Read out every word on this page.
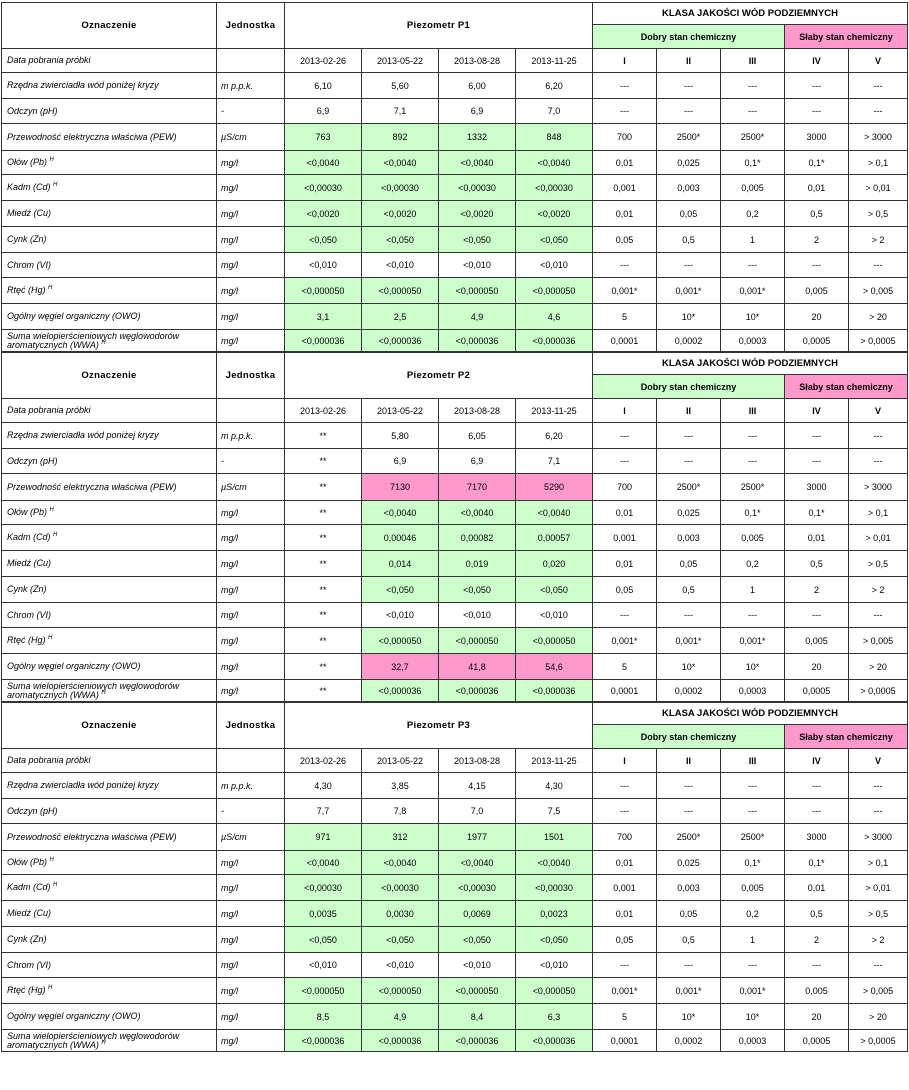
Oznaczenie	Jednostka	Piezometr P1				KLASA JAKOŚCI WÓD PODZIEMNYCH				
						Dobry stan chemiczny			Słaby stan chemiczny	
Data pobrania próbki		2013-02-26	2013-05-22	2013-08-28	2013-11-25	I	II	III	IV	V
Rzędna zwierciadła wód poniżej kryzy	m p.p.k.	6,10	5,60	6,00	6,20	---	---	---	---	---
Odczyn (pH)	-	6,9	7,1	6,9	7,0	---	---	---	---	---
Przewodność elektryczna właściwa (PEW)	µS/cm	763	892	1332	848	700	2500*	2500*	3000	> 3000
Ołów (Pb) $^H$	mg/l	<0,0040	<0,0040	<0,0040	<0,0040	0,01	0,025	0,1*	0,1*	> 0,1
Kadm (Cd) $^H$	mg/l	<0,00030	<0,00030	<0,00030	<0,00030	0,001	0,003	0,005	0,01	> 0,01
Miedź (Cu)	mg/l	<0,0020	<0,0020	<0,0020	<0,0020	0,01	0,05	0,2	0,5	> 0,5
Cynk (Zn)	mg/l	<0,050	<0,050	<0,050	<0,050	0,05	0,5	1	2	> 2
Chrom (VI)	mg/l	<0,010	<0,010	<0,010	<0,010	---	---	---	---	---
Rtęć (Hg) $^H$	mg/l	<0,000050	<0,000050	<0,000050	<0,000050	0,001*	0,001*	0,001*	0,005	> 0,005
Ogólny węgiel organiczny (OWO)	mg/l	3,1	2,5	4,9	4,6	5	10*	10*	20	> 20
Suma wielopierścieniowych węglowodorów aromatycznych (WWA) $^H$	mg/l	<0,000036	<0,000036	<0,000036	<0,000036	0,0001	0,0002	0,0003	0,0005	> 0,0005
Oznaczenie	Jednostka	Piezometr P2				KLASA JAKOŚCI WÓD PODZIEMNYCH				
						Dobry stan chemiczny			Słaby stan chemiczny	
Data pobrania próbki		2013-02-26	2013-05-22	2013-08-28	2013-11-25	I	II	III	IV	V
Rzędna zwierciadła wód poniżej kryzy	m p.p.k.	**	5,80	6,05	6,20	---	---	---	---	---
Odczyn (pH)	-	**	6,9	6,9	7,1	---	---	---	---	---
Przewodność elektryczna właściwa (PEW)	µS/cm	**	7130	7170	5290	700	2500*	2500*	3000	> 3000
Ołów (Pb) $^H$	mg/l	**	<0,0040	<0,0040	<0,0040	0,01	0,025	0,1*	0,1*	> 0,1
Kadm (Cd) $^H$	mg/l	**	0,00046	0,00082	0,00057	0,001	0,003	0,005	0,01	> 0,01
Miedź (Cu)	mg/l	**	0,014	0,019	0,020	0,01	0,05	0,2	0,5	> 0,5
Cynk (Zn)	mg/l	**	<0,050	<0,050	<0,050	0,05	0,5	1	2	> 2
Chrom (VI)	mg/l	**	<0,010	<0,010	<0,010	---	---	---	---	---
Rtęć (Hg) $^H$	mg/l	**	<0,000050	<0,000050	<0,000050	0,001*	0,001*	0,001*	0,005	> 0,005
Ogólny węgiel organiczny (OWO)	mg/l	**	32,7	41,8	54,6	5	10*	10*	20	> 20
Suma wielopierścieniowych węglowodorów aromatycznych (WWA) $^H$	mg/l	**	<0,000036	<0,000036	<0,000036	0,0001	0,0002	0,0003	0,0005	> 0,0005
Oznaczenie	Jednostka	Piezometr P3				KLASA JAKOŚCI WÓD PODZIEMNYCH				
						Dobry stan chemiczny			Słaby stan chemiczny	
Data pobrania próbki		2013-02-26	2013-05-22	2013-08-28	2013-11-25	I	II	III	IV	V
Rzędna zwierciadła wód poniżej kryzy	m p.p.k.	4,30	3,85	4,15	4,30	---	---	---	---	---
Odczyn (pH)	-	7,7	7,8	7,0	7,5	---	---	---	---	---
Przewodność elektryczna właściwa (PEW)	µS/cm	971	312	1977	1501	700	2500*	2500*	3000	> 3000
Ołów (Pb) $^H$	mg/l	<0,0040	<0,0040	<0,0040	<0,0040	0,01	0,025	0,1*	0,1*	> 0,1
Kadm (Cd) $^H$	mg/l	<0,00030	<0,00030	<0,00030	<0,00030	0,001	0,003	0,005	0,01	> 0,01
Miedź (Cu)	mg/l	0,0035	0,0030	0,0069	0,0023	0,01	0,05	0,2	0,5	> 0,5
Cynk (Zn)	mg/l	<0,050	<0,050	<0,050	<0,050	0,05	0,5	1	2	> 2
Chrom (VI)	mg/l	<0,010	<0,010	<0,010	<0,010	---	---	---	---	---
Rtęć (Hg) $^H$	mg/l	<0,000050	<0,000050	<0,000050	<0,000050	0,001*	0,001*	0,001*	0,005	> 0,005
Ogólny węgiel organiczny (OWO)	mg/l	8,5	4,9	8,4	6,3	5	10*	10*	20	> 20
Suma wielopierścieniowych węglowodorów aromatycznych (WWA) $^H$	mg/l	<0,000036	<0,000036	<0,000036	<0,000036	0,0001	0,0002	0,0003	0,0005	> 0,0005
